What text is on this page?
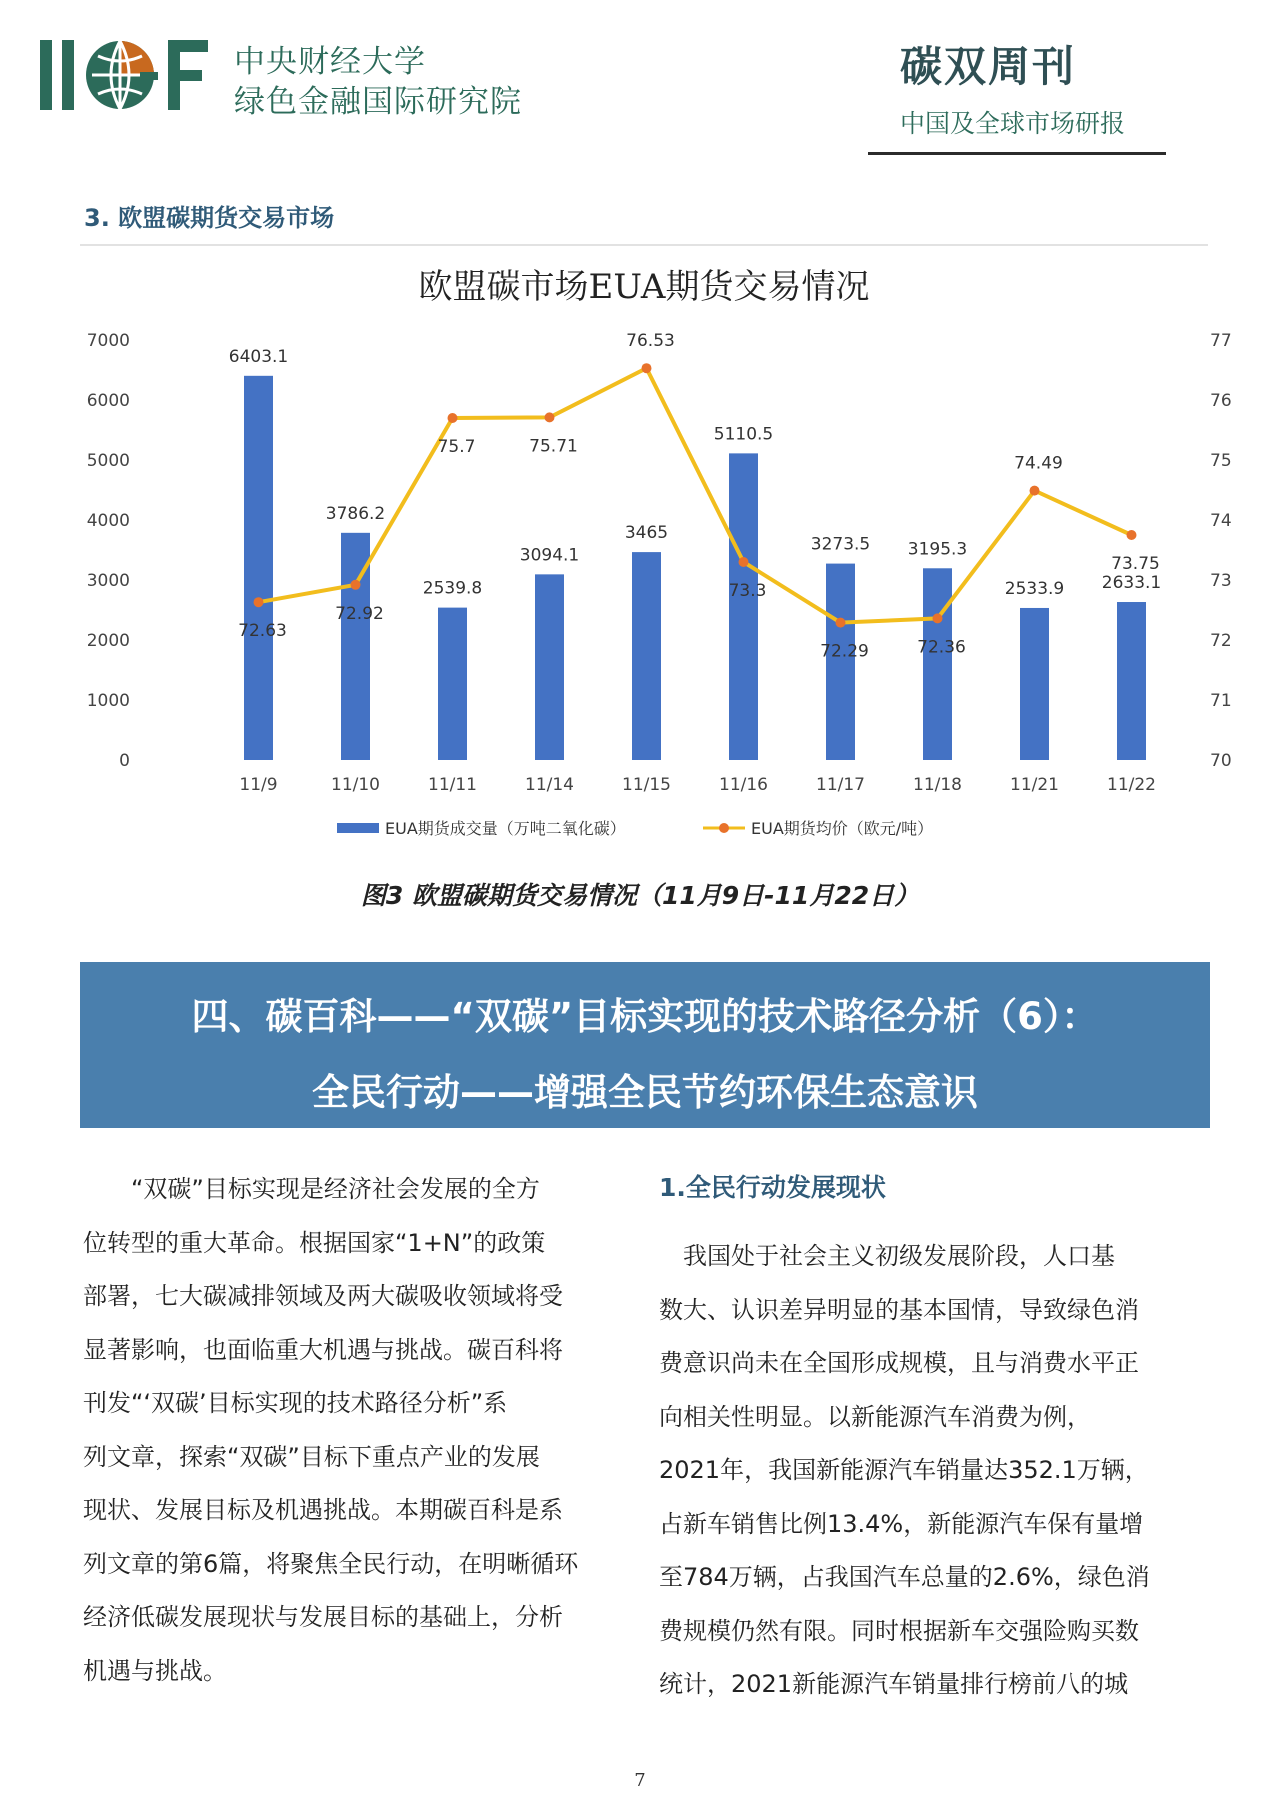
中央财经大学
绿色金融国际研究院
碳双周刊
中国及全球市场研报
3. 欧盟碳期货交易市场
欧盟碳市场EUA期货交易情况
0
1000
2000
3000
4000
5000
6000
7000
70
71
72
73
74
75
76
77
6403.1
3786.2
2539.8
3094.1
3465
5110.5
3273.5 3195.3
2533.9 2633.1
72.63
72.92
75.7	75.71
76.53
73.3
72.29	72.36
74.49
73.75
11/9	11/10	11/11	11/14	11/15	11/16	11/17	11/18	11/21	11/22
EUA期货成交量（万吨二氧化碳）	EUA期货均价（欧元/吨）
图3 欧盟碳期货交易情况（11月9日-11月22日）
四、碳百科——“双碳”目标实现的技术路径分析（6）：
全民行动——增强全民节约环保生态意识

　　“双碳”目标实现是经济社会发展的全方

位转型的重大革命。根据国家“1+N”的政策

部署，七大碳减排领域及两大碳吸收领域将受

显著影响，也面临重大机遇与挑战。碳百科将

刊发“‘双碳’目标实现的技术路径分析”系

列文章，探索“双碳”目标下重点产业的发展

现状、发展目标及机遇挑战。本期碳百科是系

列文章的第6篇，将聚焦全民行动，在明晰循环

经济低碳发展现状与发展目标的基础上，分析

机遇与挑战。

1.全民行动发展现状

　我国处于社会主义初级发展阶段，人口基

数大、认识差异明显的基本国情，导致绿色消

费意识尚未在全国形成规模，且与消费水平正

向相关性明显。以新能源汽车消费为例，

2021年，我国新能源汽车销量达352.1万辆，

占新车销售比例13.4%，新能源汽车保有量增

至784万辆，占我国汽车总量的2.6%，绿色消

费规模仍然有限。同时根据新车交强险购买数

统计，2021新能源汽车销量排行榜前八的城

7
